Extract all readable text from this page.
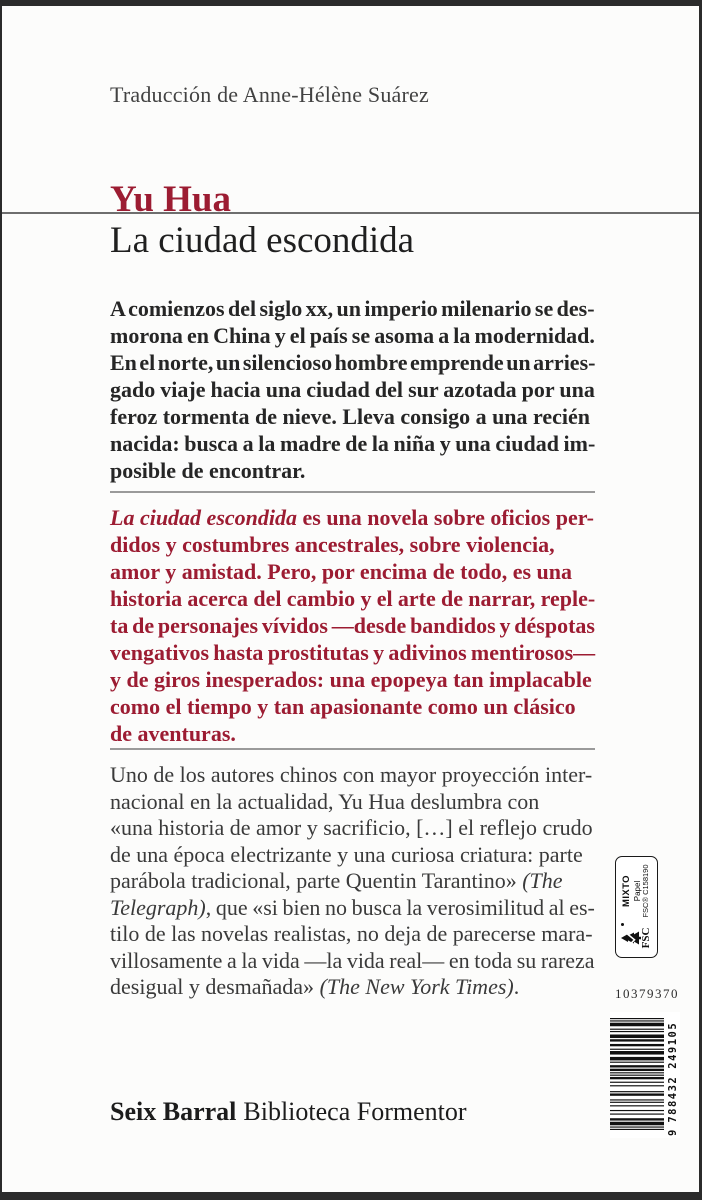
Traducción de Anne-Hélène Suárez
Yu Hua
La ciudad escondida
A comienzos del siglo xx, un imperio milenario se des-
morona en China y el país se asoma a la modernidad.
En el norte, un silencioso hombre emprende un arries-
gado viaje hacia una ciudad del sur azotada por una
feroz tormenta de nieve. Lleva consigo a una recién
nacida: busca a la madre de la niña y una ciudad im-
posible de encontrar.
La ciudad escondida es una novela sobre oficios per-
didos y costumbres ancestrales, sobre violencia,
amor y amistad. Pero, por encima de todo, es una
historia acerca del cambio y el arte de narrar, reple-
ta de personajes vívidos —desde bandidos y déspotas
vengativos hasta prostitutas y adivinos mentirosos—
y de giros inesperados: una epopeya tan implacable
como el tiempo y tan apasionante como un clásico
de aventuras.
Uno de los autores chinos con mayor proyección inter-
nacional en la actualidad, Yu Hua deslumbra con
«una historia de amor y sacrificio, […] el reflejo crudo
de una época electrizante y una curiosa criatura: parte
parábola tradicional, parte Quentin Tarantino» (The
Telegraph), que «si bien no busca la verosimilitud al es-
tilo de las novelas realistas, no deja de parecerse mara-
villosamente a la vida —la vida real— en toda su rareza
desigual y desmañada» (The New York Times).
FSC
MIXTO Papel FSC® C158190
10379370
9
788432
249105
Seix Barral Biblioteca Formentor
